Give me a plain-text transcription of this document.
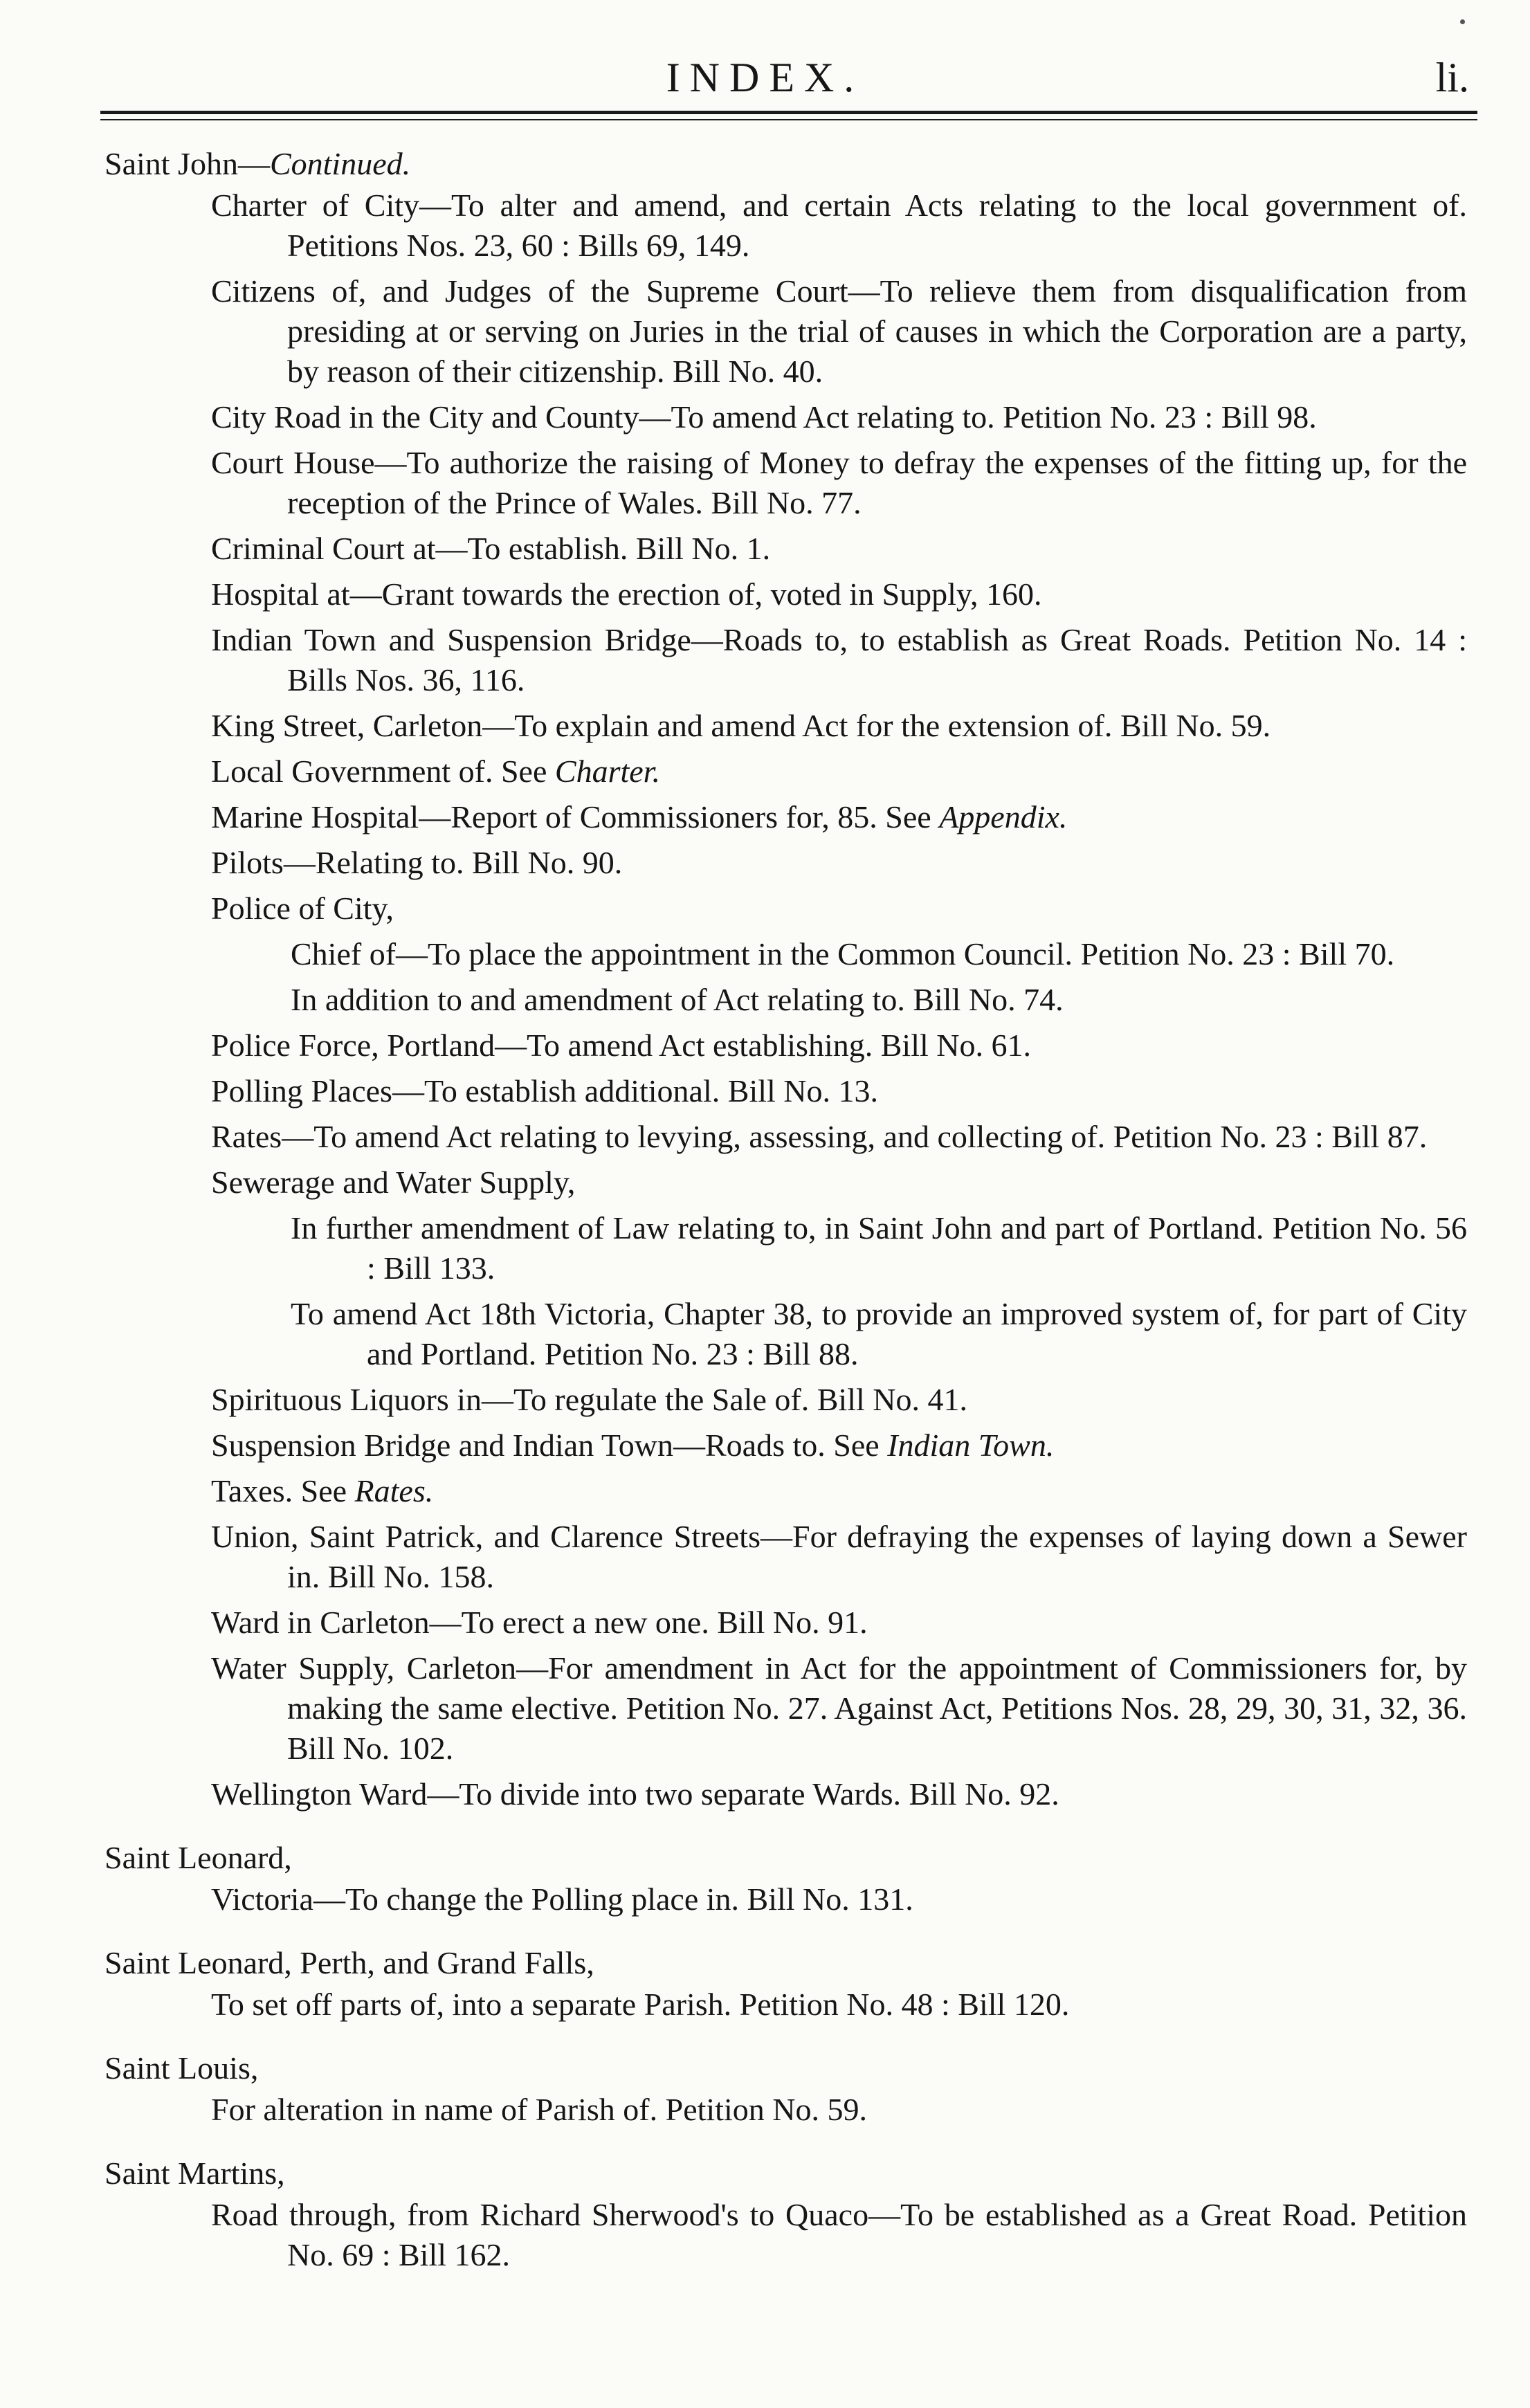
INDEX.	li.

Saint John—Continued.

Charter of City—To alter and amend, and certain Acts relating to the local government of. Petitions Nos. 23, 60 : Bills 69, 149.

Citizens of, and Judges of the Supreme Court—To relieve them from disqualification from presiding at or serving on Juries in the trial of causes in which the Corporation are a party, by reason of their citizenship. Bill No. 40.

City Road in the City and County—To amend Act relating to. Petition No. 23 : Bill 98.

Court House—To authorize the raising of Money to defray the expenses of the fitting up, for the reception of the Prince of Wales. Bill No. 77.

Criminal Court at—To establish. Bill No. 1.

Hospital at—Grant towards the erection of, voted in Supply, 160.

Indian Town and Suspension Bridge—Roads to, to establish as Great Roads. Petition No. 14 : Bills Nos. 36, 116.

King Street, Carleton—To explain and amend Act for the extension of. Bill No. 59.

Local Government of. See Charter.

Marine Hospital—Report of Commissioners for, 85. See Appendix.

Pilots—Relating to. Bill No. 90.

Police of City,

Chief of—To place the appointment in the Common Council. Petition No. 23 : Bill 70.

In addition to and amendment of Act relating to. Bill No. 74.

Police Force, Portland—To amend Act establishing. Bill No. 61.

Polling Places—To establish additional. Bill No. 13.

Rates—To amend Act relating to levying, assessing, and collecting of. Petition No. 23 : Bill 87.

Sewerage and Water Supply,

In further amendment of Law relating to, in Saint John and part of Portland. Petition No. 56 : Bill 133.

To amend Act 18th Victoria, Chapter 38, to provide an improved system of, for part of City and Portland. Petition No. 23 : Bill 88.

Spirituous Liquors in—To regulate the Sale of. Bill No. 41.

Suspension Bridge and Indian Town—Roads to. See Indian Town.

Taxes. See Rates.

Union, Saint Patrick, and Clarence Streets—For defraying the expenses of laying down a Sewer in. Bill No. 158.

Ward in Carleton—To erect a new one. Bill No. 91.

Water Supply, Carleton—For amendment in Act for the appointment of Commissioners for, by making the same elective. Petition No. 27. Against Act, Petitions Nos. 28, 29, 30, 31, 32, 36. Bill No. 102.

Wellington Ward—To divide into two separate Wards. Bill No. 92.

Saint Leonard,

Victoria—To change the Polling place in. Bill No. 131.

Saint Leonard, Perth, and Grand Falls,

To set off parts of, into a separate Parish. Petition No. 48 : Bill 120.

Saint Louis,

For alteration in name of Parish of. Petition No. 59.

Saint Martins,

Road through, from Richard Sherwood's to Quaco—To be established as a Great Road. Petition No. 69 : Bill 162.
